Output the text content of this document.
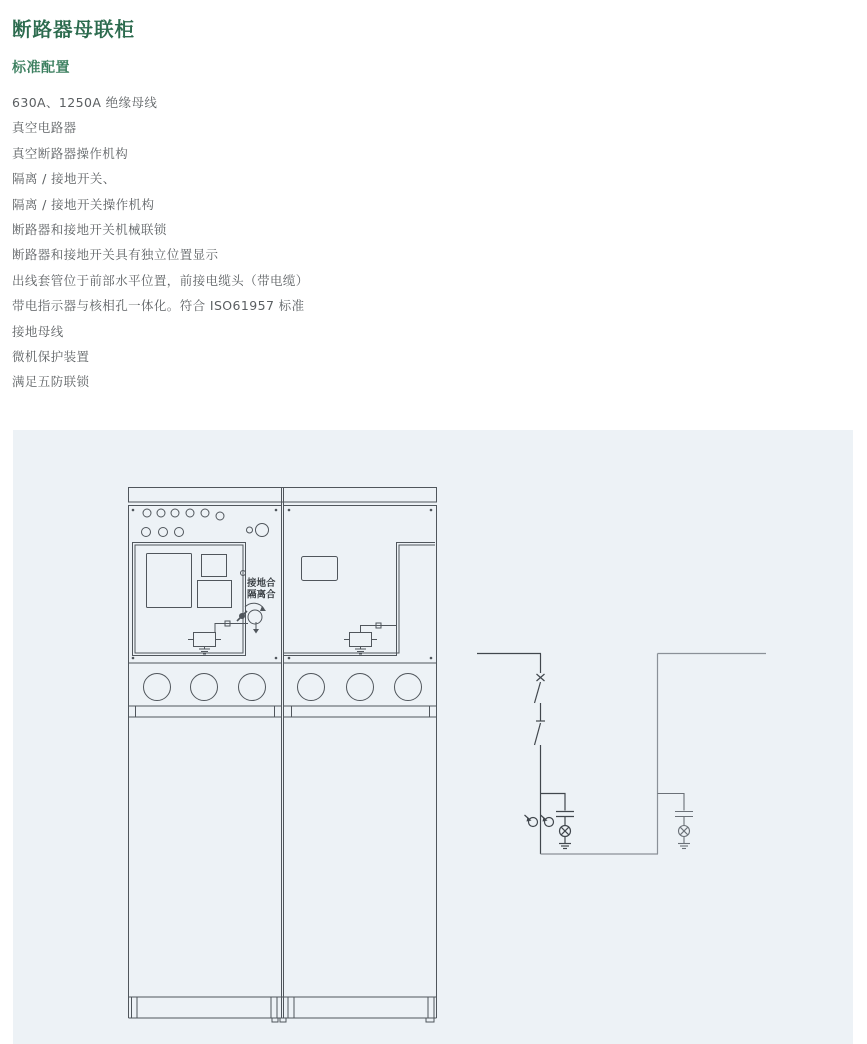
断路器母联柜
标准配置
630A、1250A 绝缘母线
真空电路器
真空断路器操作机构
隔离 / 接地开关、
隔离 / 接地开关操作机构
断路器和接地开关机械联锁
断路器和接地开关具有独立位置显示
出线套管位于前部水平位置，前接电缆头（带电缆）
带电指示器与核相孔一体化。符合 ISO61957 标准
接地母线
微机保护装置
满足五防联锁
接地合
隔离合
